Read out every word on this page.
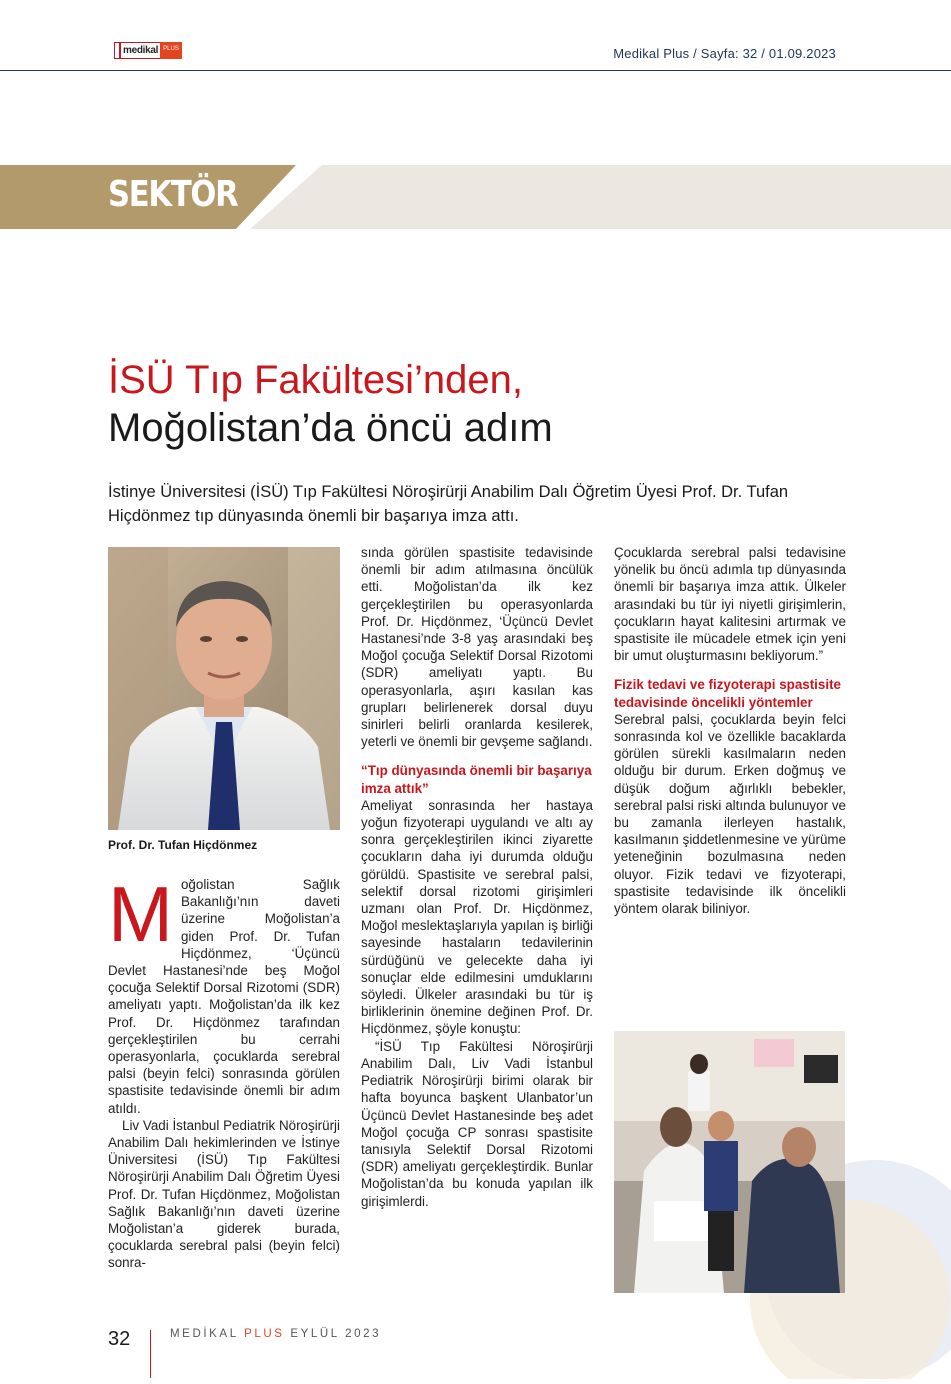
medikal PLUS	Medikal Plus / Sayfa: 32 / 01.09.2023
SEKTÖR
İSÜ Tıp Fakültesi’nden,
Moğolistan’da öncü adım
İstinye Üniversitesi (İSÜ) Tıp Fakültesi Nöroşirürji Anabilim Dalı Öğretim Üyesi Prof. Dr. Tufan Hiçdönmez tıp dünyasında önemli bir başarıya imza attı.
Prof. Dr. Tufan Hiçdönmez

Moğolistan Sağlık Bakanlığı’nın daveti üzerine Moğolistan’a giden Prof. Dr. Tufan Hiçdönmez, ‘Üçüncü Devlet Hastanesi’nde beş Moğol çocuğa Selektif Dorsal Rizotomi (SDR) ameliyatı yaptı. Moğolistan’da ilk kez Prof. Dr. Hiçdönmez tarafından gerçekleştirilen bu cerrahi operasyonlarla, çocuklarda serebral palsi (beyin felci) sonrasında görülen spastisite tedavisinde önemli bir adım atıldı.

Liv Vadi İstanbul Pediatrik Nöroşirürji Anabilim Dalı hekimlerinden ve İstinye Üniversitesi (İSÜ) Tıp Fakültesi Nöroşirürji Anabilim Dalı Öğretim Üyesi Prof. Dr. Tufan Hiçdönmez, Moğolistan Sağlık Bakanlığı’nın daveti üzerine Moğolistan’a giderek burada, çocuklarda serebral palsi (beyin felci) sonra-

sında görülen spastisite tedavisinde önemli bir adım atılmasına öncülük etti. Moğolistan’da ilk kez gerçekleştirilen bu operasyonlarda Prof. Dr. Hiçdönmez, ‘Üçüncü Devlet Hastanesi’nde 3-8 yaş arasındaki beş Moğol çocuğa Selektif Dorsal Rizotomi (SDR) ameliyatı yaptı. Bu operasyonlarla, aşırı kasılan kas grupları belirlenerek dorsal duyu sinirleri belirli oranlarda kesilerek, yeterli ve önemli bir gevşeme sağlandı.

“Tıp dünyasında önemli bir başarıya imza attık”

Ameliyat sonrasında her hastaya yoğun fizyoterapi uygulandı ve altı ay sonra gerçekleştirilen ikinci ziyarette çocukların daha iyi durumda olduğu görüldü. Spastisite ve serebral palsi, selektif dorsal rizotomi girişimleri uzmanı olan Prof. Dr. Hiçdönmez, Moğol meslektaşlarıyla yapılan iş birliği sayesinde hastaların tedavilerinin sürdüğünü ve gelecekte daha iyi sonuçlar elde edilmesini umduklarını söyledi. Ülkeler arasındaki bu tür iş birliklerinin önemine değinen Prof. Dr. Hiçdönmez, şöyle konuştu:

“İSÜ Tıp Fakültesi Nöroşirürji Anabilim Dalı, Liv Vadi İstanbul Pediatrik Nöroşirürji birimi olarak bir hafta boyunca başkent Ulanbator’un Üçüncü Devlet Hastanesinde beş adet Moğol çocuğa CP sonrası spastisite tanısıyla Selektif Dorsal Rizotomi (SDR) ameliyatı gerçekleştirdik. Bunlar Moğolistan’da bu konuda yapılan ilk girişimlerdi.

Çocuklarda serebral palsi tedavisine yönelik bu öncü adımla tıp dünyasında önemli bir başarıya imza attık. Ülkeler arasındaki bu tür iyi niyetli girişimlerin, çocukların hayat kalitesini artırmak ve spastisite ile mücadele etmek için yeni bir umut oluşturmasını bekliyorum.”

Fizik tedavi ve fizyoterapi spastisite tedavisinde öncelikli yöntemler

Serebral palsi, çocuklarda beyin felci sonrasında kol ve özellikle bacaklarda görülen sürekli kasılmaların neden olduğu bir durum. Erken doğmuş ve düşük doğum ağırlıklı bebekler, serebral palsi riski altında bulunuyor ve bu zamanla ilerleyen hastalık, kasılmanın şiddetlenmesine ve yürüme yeteneğinin bozulmasına neden oluyor. Fizik tedavi ve fizyoterapi, spastisite tedavisinde ilk öncelikli yöntem olarak biliniyor.

32	MEDİKAL PLUS EYLÜL 2023
